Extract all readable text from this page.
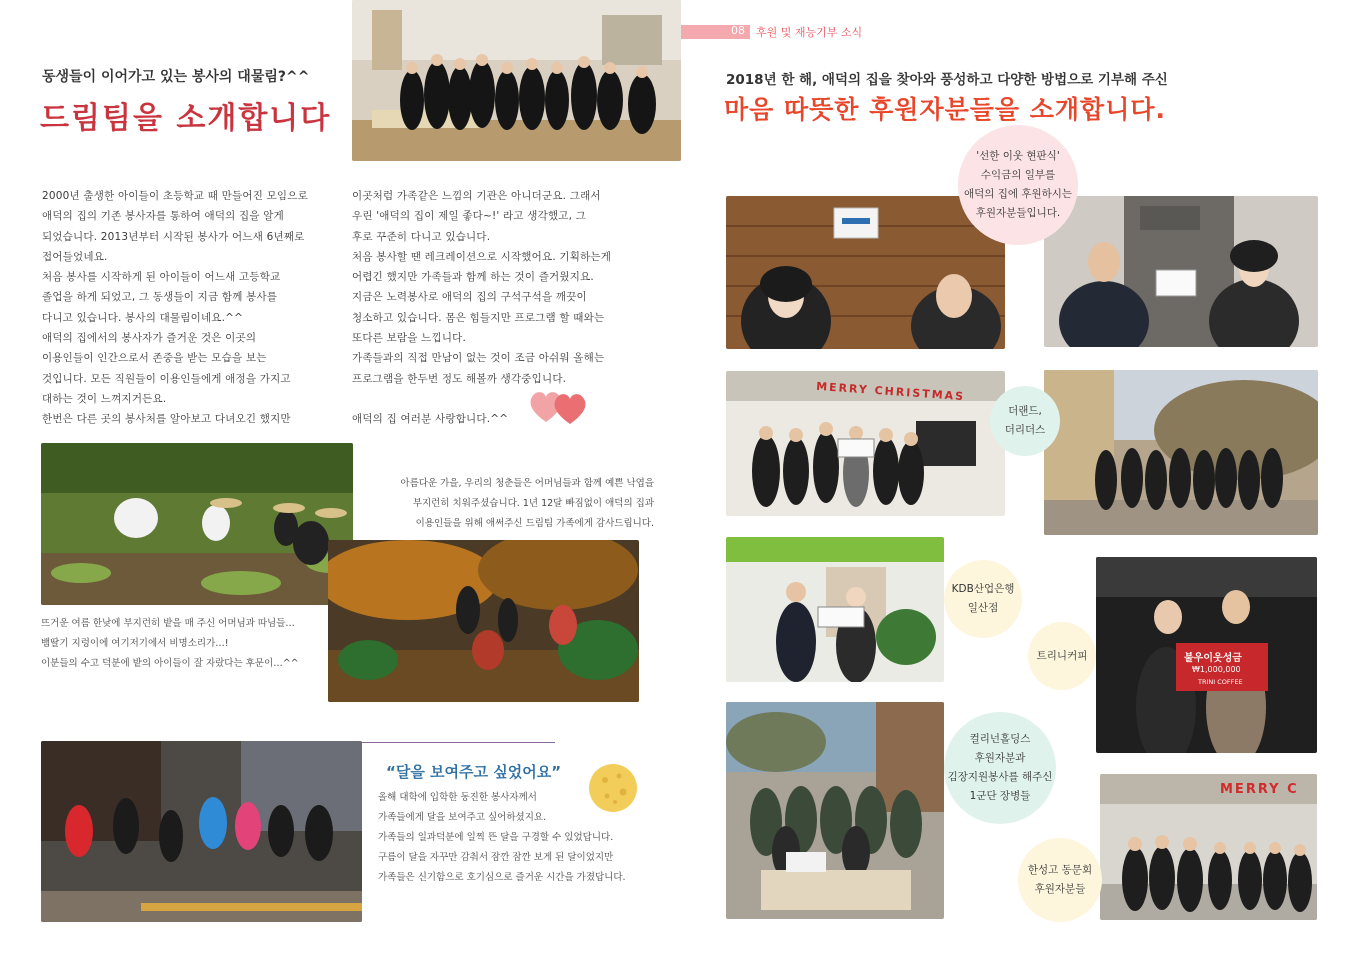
08 후원 및 재능기부 소식
동생들이 이어가고 있는 봉사의 대물림?^^
드림팀을 소개합니다

2000년 출생한 아이들이 초등학교 때 만들어진 모임으로

애덕의 집의 기존 봉사자를 통하여 애덕의 집을 알게

되었습니다. 2013년부터 시작된 봉사가 어느새 6년째로

접어들었네요.

처음 봉사를 시작하게 된 아이들이 어느새 고등학교

졸업을 하게 되었고, 그 동생들이 지금 함께 봉사를

다니고 있습니다. 봉사의 대물림이네요.^^

애덕의 집에서의 봉사자가 즐거운 것은 이곳의

이용인들이 인간으로서 존중을 받는 모습을 보는

것입니다. 모든 직원들이 이용인들에게 애정을 가지고

대하는 것이 느껴지거든요.

한번은 다른 곳의 봉사처를 알아보고 다녀오긴 했지만

이곳처럼 가족같은 느낌의 기관은 아니더군요. 그래서

우린 '애덕의 집이 제일 좋다~!' 라고 생각했고, 그

후로 꾸준히 다니고 있습니다.

처음 봉사할 땐 레크레이션으로 시작했어요. 기획하는게

어렵긴 했지만 가족들과 함께 하는 것이 즐거웠지요.

지금은 노력봉사로 애덕의 집의 구석구석을 깨끗이

청소하고 있습니다. 몸은 힘들지만 프로그램 할 때와는

또다른 보람을 느낍니다.

가족들과의 직접 만남이 없는 것이 조금 아쉬워 올해는

프로그램을 한두번 정도 해볼까 생각중입니다.

애덕의 집 여러분 사랑합니다.^^

아름다운 가을, 우리의 청춘들은 어머님들과 함께 예쁜 낙엽을

부지런히 치워주셨습니다. 1년 12달 빠짐없이 애덕의 집과

이용인들을 위해 애써주신 드림팀 가족에게 감사드립니다.

뜨거운 여름 한낮에 부지런히 밭을 매 주신 어머님과 따님들…

뱀딸기 지렁이에 여기저기에서 비명소리가…!

이분들의 수고 덕분에 밭의 아이들이 잘 자랐다는 후문이…^^

“달을 보여주고 싶었어요”

올해 대학에 입학한 동진한 봉사자께서

가족들에게 달을 보여주고 싶어하셨지요.

가족들의 일과덕분에 일찍 뜬 달을 구경할 수 있었답니다.

구름이 달을 자꾸만 감춰서 잠깐 잠깐 보게 된 달이었지만

가족들은 신기함으로 호기심으로 즐거운 시간을 가졌답니다.

2018년 한 해, 애덕의 집을 찾아와 풍성하고 다양한 방법으로 기부해 주신
마음 따뜻한 후원자분들을 소개합니다.
MERRY CHRISTMAS
'선한 이웃 현판식'
수익금의 일부를
애덕의 집에 후원하시는
후원자분들입니다.
더랜드,
더리더스
KDB산업은행
일산점
불우이웃성금
₩1,000,000
TRINI COFFEE
트리니커피
컬리넌홀딩스
후원자분과
김장지원봉사를 해주신
1군단 장병들	MERRY C
한성고 동문회
후원자분들
